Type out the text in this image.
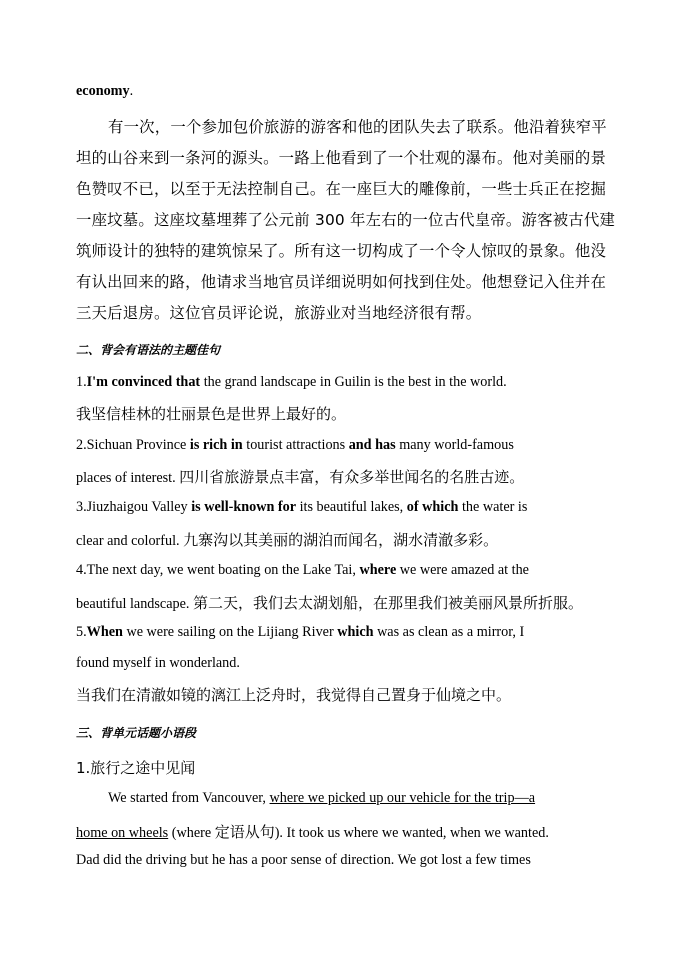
economy.
有一次，一个参加包价旅游的游客和他的团队失去了联系。他沿着狭窄平
坦的山谷来到一条河的源头。一路上他看到了一个壮观的瀑布。他对美丽的景
色赞叹不已，以至于无法控制自己。在一座巨大的雕像前，一些士兵正在挖掘
一座坟墓。这座坟墓埋葬了公元前 300 年左右的一位古代皇帝。游客被古代建
筑师设计的独特的建筑惊呆了。所有这一切构成了一个令人惊叹的景象。他没
有认出回来的路，他请求当地官员详细说明如何找到住处。他想登记入住并在
三天后退房。这位官员评论说，旅游业对当地经济很有帮。
二、背会有语法的主题佳句
1.I'm convinced that the grand landscape in Guilin is the best in the world.
我坚信桂林的壮丽景色是世界上最好的。
2.Sichuan Province is rich in tourist attractions and has many world-famous
places of interest. 四川省旅游景点丰富，有众多举世闻名的名胜古迹。
3.Jiuzhaigou Valley is well-known for its beautiful lakes, of which the water is
clear and colorful. 九寨沟以其美丽的湖泊而闻名，湖水清澈多彩。
4.The next day, we went boating on the Lake Tai, where we were amazed at the
beautiful landscape. 第二天，我们去太湖划船，在那里我们被美丽风景所折服。
5.When we were sailing on the Lijiang River which was as clean as a mirror, I
found myself in wonderland.
当我们在清澈如镜的漓江上泛舟时，我觉得自己置身于仙境之中。
三、背单元话题小语段
1.旅行之途中见闻
We started from Vancouver, where we picked up our vehicle for the trip—a
home on wheels (where 定语从句). It took us where we wanted, when we wanted.
Dad did the driving but he has a poor sense of direction. We got lost a few times
